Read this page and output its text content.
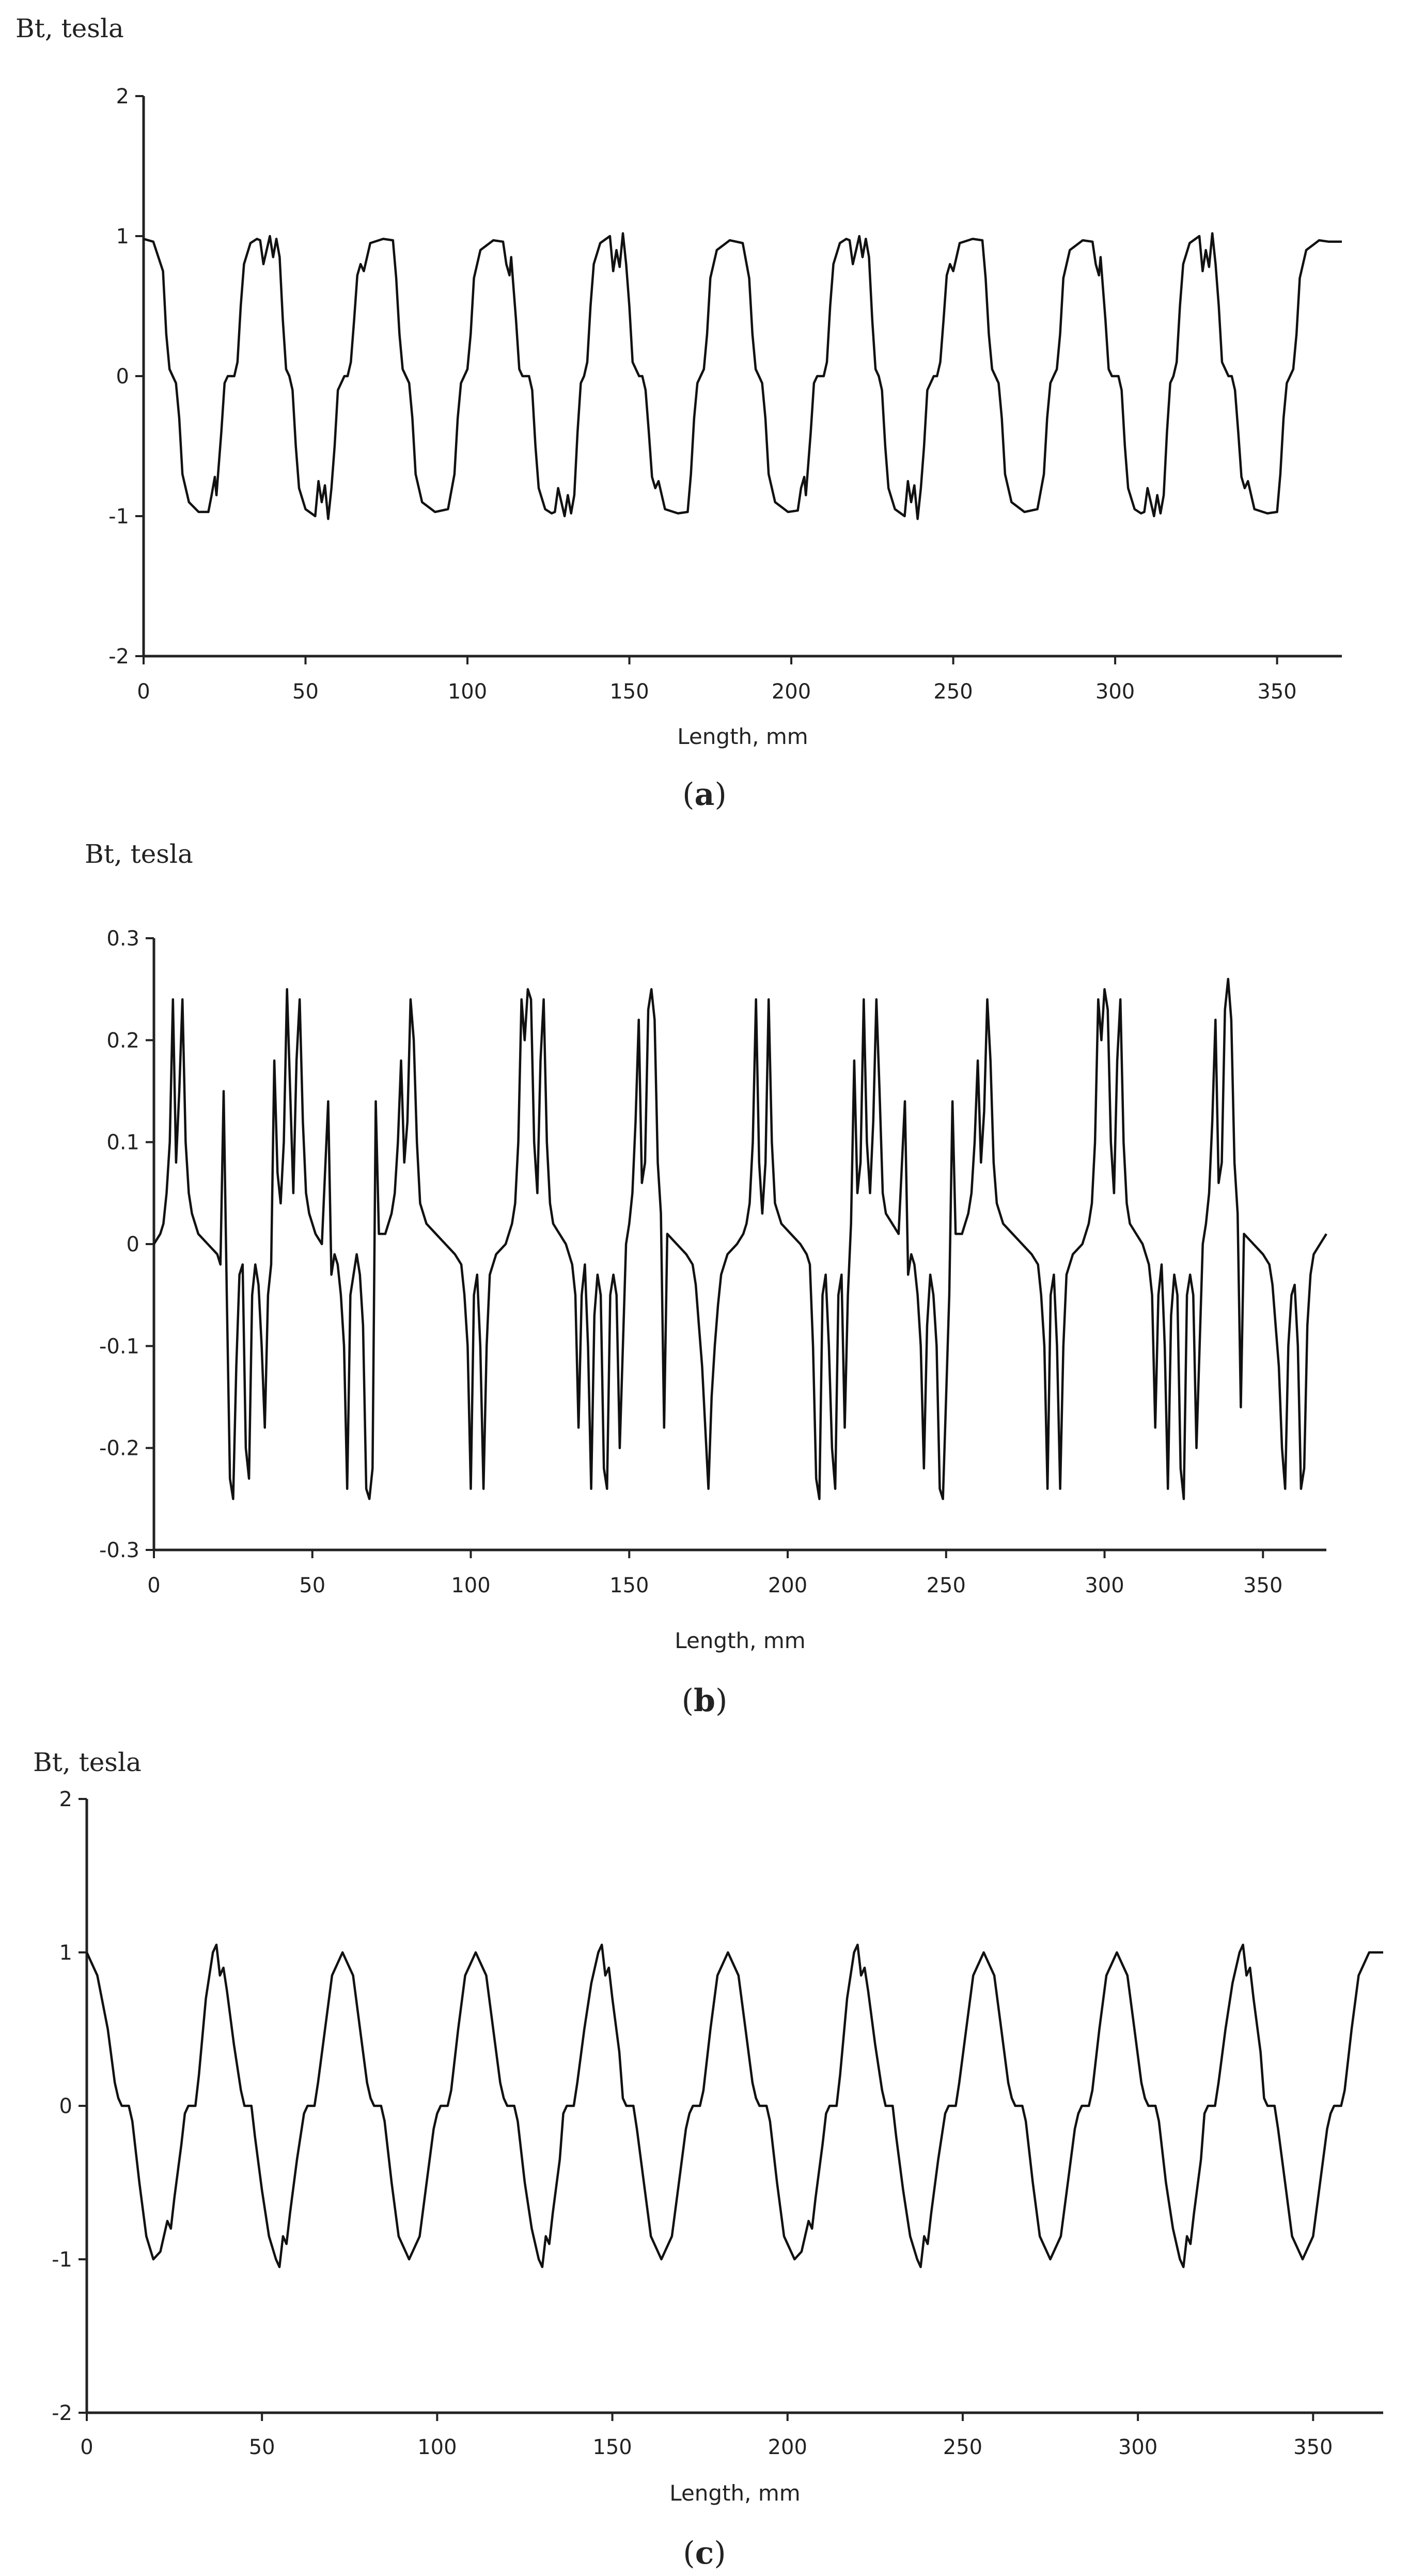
Bt, tesla
2
1
0
-1
-2
0	50	100	150	200	250	300	350
Length, mm
(a)
Bt, tesla
0.3
0.2
0.1
0
-0.1
-0.2
-0.3
0	50	100	150	200	250	300	350
Length, mm
(b)
Bt, tesla
2
1
0
-1
-2
0	50	100	150	200	250	300	350
Length, mm
(c)
